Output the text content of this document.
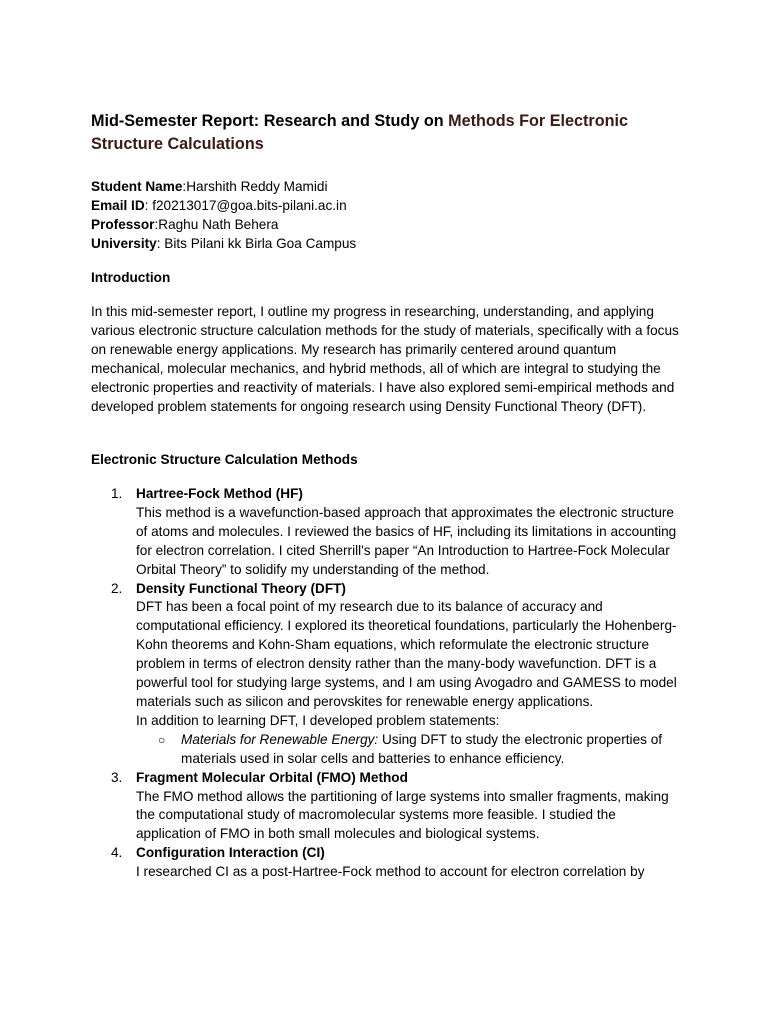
Mid-Semester Report: Research and Study on Methods For Electronic Structure Calculations
Student Name:Harshith Reddy Mamidi
Email ID: f20213017@goa.bits-pilani.ac.in
Professor:Raghu Nath Behera
University: Bits Pilani kk Birla Goa Campus
Introduction

In this mid-semester report, I outline my progress in researching, understanding, and applying various electronic structure calculation methods for the study of materials, specifically with a focus on renewable energy applications. My research has primarily centered around quantum mechanical, molecular mechanics, and hybrid methods, all of which are integral to studying the electronic properties and reactivity of materials. I have also explored semi-empirical methods and developed problem statements for ongoing research using Density Functional Theory (DFT).

Electronic Structure Calculation Methods
1. Hartree-Fock Method (HF)
This method is a wavefunction-based approach that approximates the electronic structure of atoms and molecules. I reviewed the basics of HF, including its limitations in accounting for electron correlation. I cited Sherrill's paper “An Introduction to Hartree-Fock Molecular Orbital Theory” to solidify my understanding of the method.
2. Density Functional Theory (DFT)
DFT has been a focal point of my research due to its balance of accuracy and computational efficiency. I explored its theoretical foundations, particularly the Hohenberg-Kohn theorems and Kohn-Sham equations, which reformulate the electronic structure problem in terms of electron density rather than the many-body wavefunction. DFT is a powerful tool for studying large systems, and I am using Avogadro and GAMESS to model materials such as silicon and perovskites for renewable energy applications.
In addition to learning DFT, I developed problem statements:
○ Materials for Renewable Energy: Using DFT to study the electronic properties of materials used in solar cells and batteries to enhance efficiency.
3. Fragment Molecular Orbital (FMO) Method
The FMO method allows the partitioning of large systems into smaller fragments, making the computational study of macromolecular systems more feasible. I studied the application of FMO in both small molecules and biological systems.
4. Configuration Interaction (CI)
I researched CI as a post-Hartree-Fock method to account for electron correlation by
